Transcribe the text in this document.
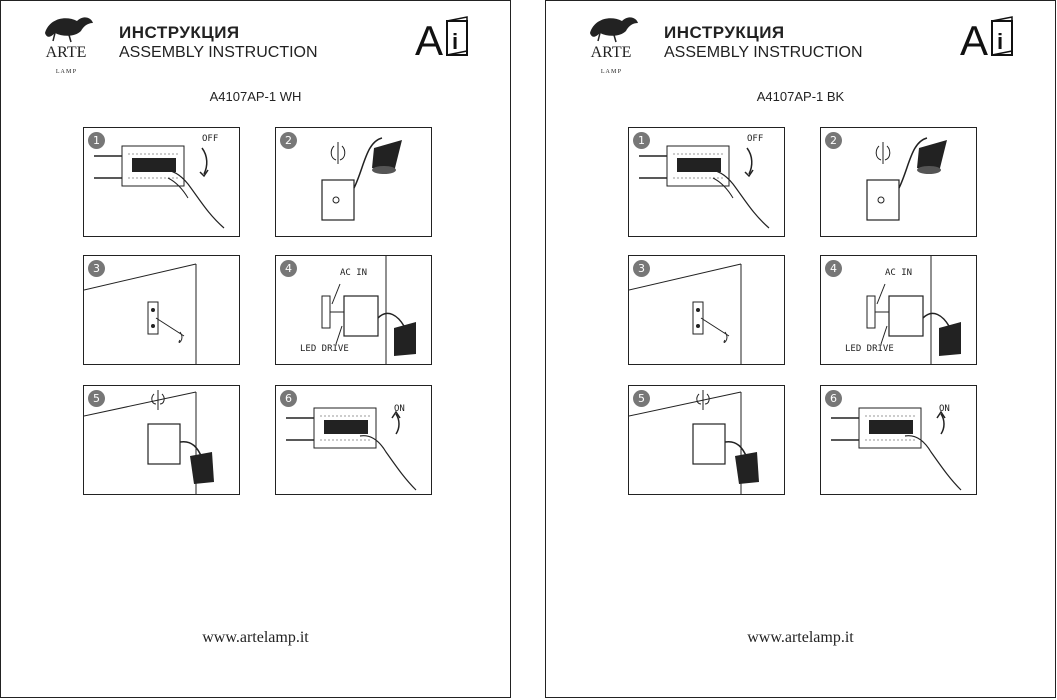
ARTE
L A M P
ИНСТРУКЦИЯ
ASSEMBLY INSTRUCTION A i
A4107AP-1 WH
1	OFF	2
3	4	AC IN
LED DRIVE
5	6
ON
www.artelamp.it
ARTE
L A M P
ИНСТРУКЦИЯ
ASSEMBLY INSTRUCTION A i
A4107AP-1 BK
1	OFF	2
3	4	AC IN
LED DRIVE
5	6
ON
www.artelamp.it
